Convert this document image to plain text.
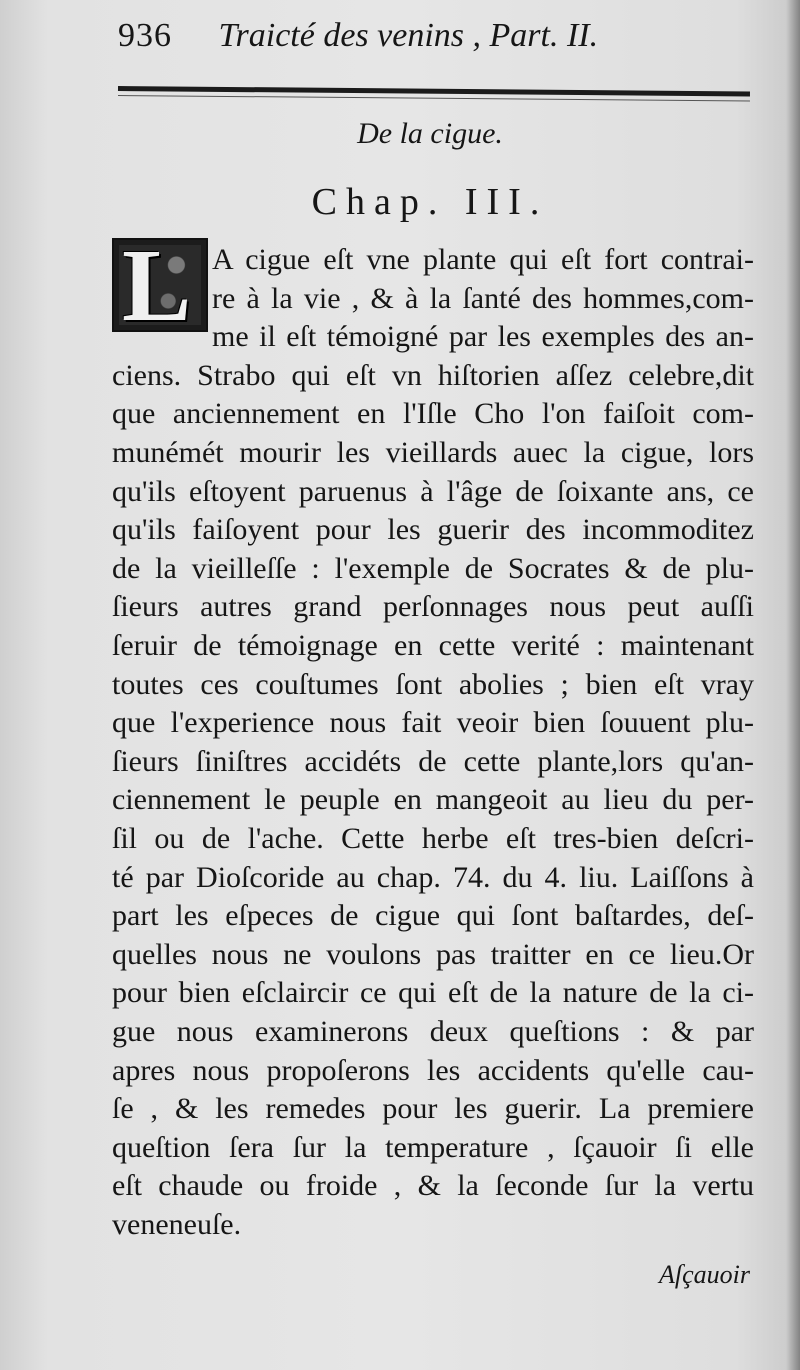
936 Traicté des venins , Part. II.
De la cigue.
Chap. III.
L A cigue eſt vne plante qui eſt fort contrai-
re à la vie , & à la ſanté des hommes,com-
me il eſt témoigné par les exemples des an-
ciens. Strabo qui eſt vn hiſtorien aſſez celebre,dit
que anciennement en l'Iſle Cho l'on faiſoit com-
munémét mourir les vieillards auec la cigue, lors
qu'ils eſtoyent paruenus à l'âge de ſoixante ans, ce
qu'ils faiſoyent pour les guerir des incommoditez
de la vieilleſſe : l'exemple de Socrates & de plu-
ſieurs autres grand perſonnages nous peut auſſi
ſeruir de témoignage en cette verité : maintenant
toutes ces couſtumes ſont abolies ; bien eſt vray
que l'experience nous fait veoir bien ſouuent plu-
ſieurs ſiniſtres accidéts de cette plante,lors qu'an-
ciennement le peuple en mangeoit au lieu du per-
ſil ou de l'ache. Cette herbe eſt tres-bien deſcri-
té par Dioſcoride au chap. 74. du 4. liu. Laiſſons à
part les eſpeces de cigue qui ſont baſtardes, deſ-
quelles nous ne voulons pas traitter en ce lieu.Or
pour bien eſclaircir ce qui eſt de la nature de la ci-
gue nous examinerons deux queſtions : & par
apres nous propoſerons les accidents qu'elle cau-
ſe , & les remedes pour les guerir. La premiere
queſtion ſera ſur la temperature , ſçauoir ſi elle
eſt chaude ou froide , & la ſeconde ſur la vertu
veneneuſe.
Aſçauoir
